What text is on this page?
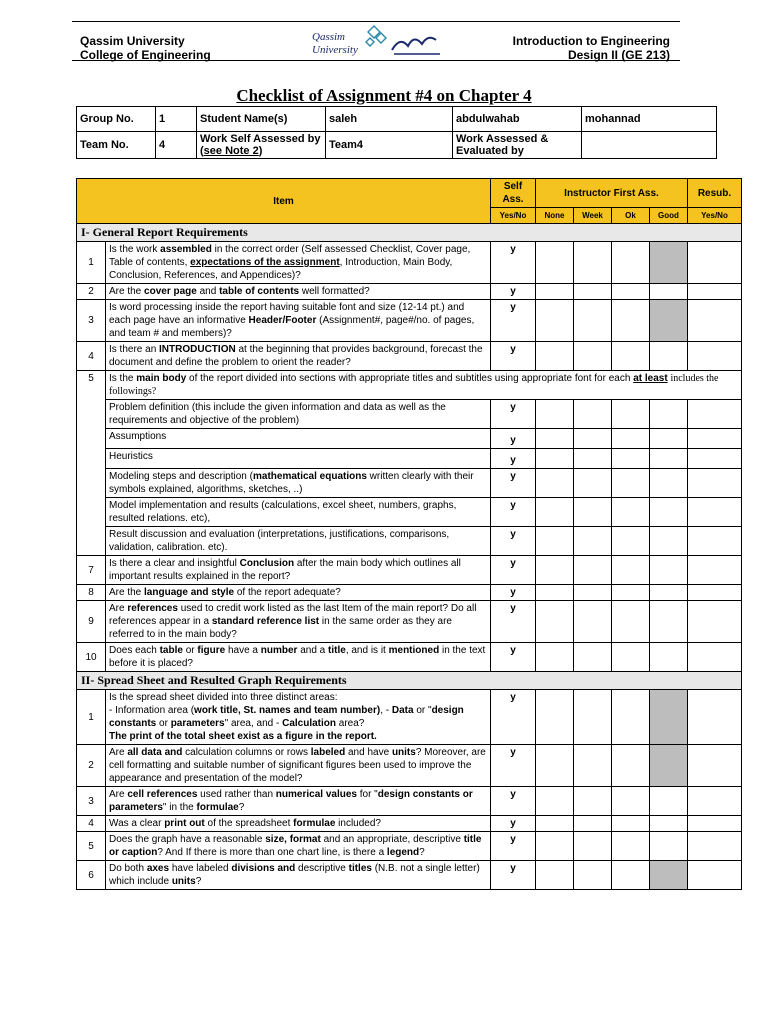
Qassim University
College of Engineering
Introduction to Engineering
Design II (GE 213)
Qassim
University
Checklist of Assignment #4 on Chapter 4
Group No.	1	Student Name(s)	saleh	abdulwahab	mohannad
Team No.	4	Work Self Assessed by (see Note 2)	Team4	Work Assessed & Evaluated by	
Item		Self Ass.	Instructor First Ass.				Resub.
		Yes/No	None	Week	Ok	Good	Yes/No
I- General Report Requirements							
1	Is the work assembled in the correct order (Self assessed Checklist, Cover page, Table of contents, expectations of the assignment, Introduction, Main Body, Conclusion, References, and Appendices)?	y					
2	Are the cover page and table of contents well formatted?	y					
3	Is word processing inside the report having suitable font and size (12-14 pt.) and each page have an informative Header/Footer (Assignment#, page#/no. of pages, and team # and members)?	y					
4	Is there an INTRODUCTION at the beginning that provides background, forecast the document and define the problem to orient the reader?	y					
5	Is the main body of the report divided into sections with appropriate titles and subtitles using appropriate font for each at least includes the followings?						
	Problem definition (this include the given information and data as well as the requirements and objective of the problem)	y					
	Assumptions	y					
	Heuristics	y					
	Modeling steps and description (mathematical equations written clearly with their symbols explained, algorithms, sketches, ..)	y					
	Model implementation and results (calculations, excel sheet, numbers, graphs, resulted relations. etc),	y					
	Result discussion and evaluation (interpretations, justifications, comparisons, validation, calibration. etc).	y					
7	Is there a clear and insightful Conclusion after the main body which outlines all important results explained in the report?	y					
8	Are the language and style of the report adequate?	y					
9	Are references used to credit work listed as the last Item of the main report? Do all references appear in a standard reference list in the same order as they are referred to in the main body?	y					
10	Does each table or figure have a number and a title, and is it mentioned in the text before it is placed?	y					
II- Spread Sheet and Resulted Graph Requirements							
1	Is the spread sheet divided into three distinct areas:
- Information area (work title, St. names and team number), - Data or "design constants or parameters" area, and - Calculation area?
The print of the total sheet exist as a figure in the report.	y					
2	Are all data and calculation columns or rows labeled and have units? Moreover, are cell formatting and suitable number of significant figures been used to improve the appearance and presentation of the model?	y					
3	Are cell references used rather than numerical values for "design constants or parameters" in the formulae?	y					
4	Was a clear print out of the spreadsheet formulae included?	y					
5	Does the graph have a reasonable size, format and an appropriate, descriptive title or caption? And If there is more than one chart line, is there a legend?	y					
6	Do both axes have labeled divisions and descriptive titles (N.B. not a single letter) which include units?	y					
